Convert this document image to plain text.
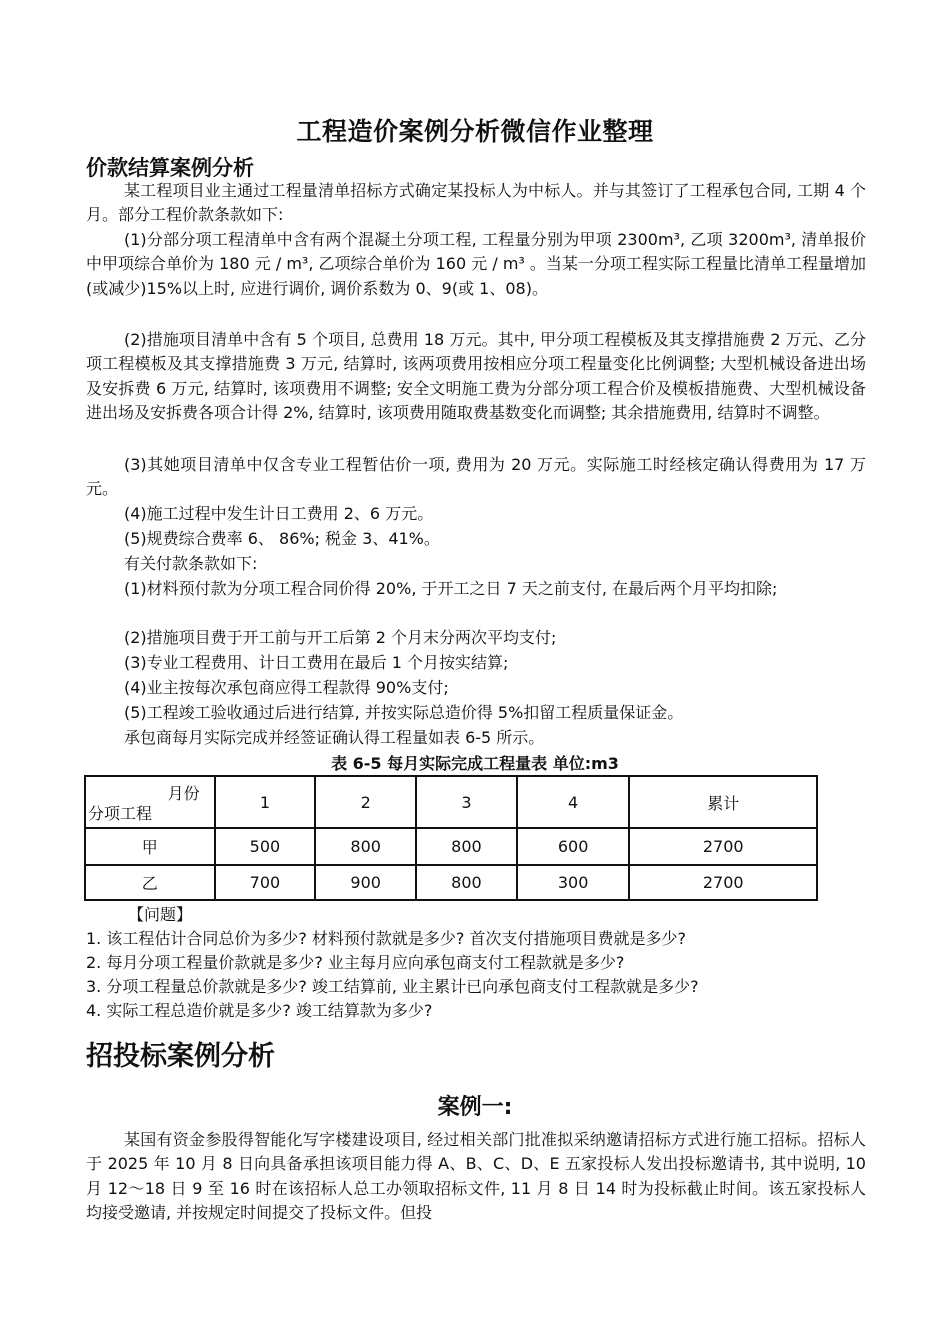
工程造价案例分析微信作业整理
价款结算案例分析

某工程项目业主通过工程量清单招标方式确定某投标人为中标人。并与其签订了工程承包合同, 工期 4 个月。部分工程价款条款如下:

(1)分部分项工程清单中含有两个混凝土分项工程, 工程量分别为甲项 2300m³, 乙项 3200m³, 清单报价中甲项综合单价为 180 元 / m³, 乙项综合单价为 160 元 / m³ 。当某一分项工程实际工程量比清单工程量增加(或减少)15%以上时, 应进行调价, 调价系数为 0、9(或 1、08)。

(2)措施项目清单中含有 5 个项目, 总费用 18 万元。其中, 甲分项工程模板及其支撑措施费 2 万元、乙分项工程模板及其支撑措施费 3 万元, 结算时, 该两项费用按相应分项工程量变化比例调整; 大型机械设备进出场及安拆费 6 万元, 结算时, 该项费用不调整; 安全文明施工费为分部分项工程合价及模板措施费、大型机械设备进出场及安拆费各项合计得 2%, 结算时, 该项费用随取费基数变化而调整; 其余措施费用, 结算时不调整。

(3)其她项目清单中仅含专业工程暂估价一项, 费用为 20 万元。实际施工时经核定确认得费用为 17 万元。

(4)施工过程中发生计日工费用 2、6 万元。

(5)规费综合费率 6、 86%; 税金 3、41%。

有关付款条款如下:

(1)材料预付款为分项工程合同价得 20%, 于开工之日 7 天之前支付, 在最后两个月平均扣除;

(2)措施项目费于开工前与开工后第 2 个月末分两次平均支付;

(3)专业工程费用、计日工费用在最后 1 个月按实结算;

(4)业主按每次承包商应得工程款得 90%支付;

(5)工程竣工验收通过后进行结算, 并按实际总造价得 5%扣留工程质量保证金。

承包商每月实际完成并经签证确认得工程量如表 6-5 所示。

表 6-5 每月实际完成工程量表 单位:m3
月份
分项工程	1	2	3	4	累计
甲	500	800	800	600	2700
乙	700	900	800	300	2700
【问题】
1. 该工程估计合同总价为多少? 材料预付款就是多少? 首次支付措施项目费就是多少?
2. 每月分项工程量价款就是多少? 业主每月应向承包商支付工程款就是多少?
3. 分项工程量总价款就是多少? 竣工结算前, 业主累计已向承包商支付工程款就是多少?
4. 实际工程总造价就是多少? 竣工结算款为多少?
招投标案例分析
案例一:

某国有资金参股得智能化写字楼建设项目, 经过相关部门批准拟采纳邀请招标方式进行施工招标。招标人于 2025 年 10 月 8 日向具备承担该项目能力得 A、B、C、D、E 五家投标人发出投标邀请书, 其中说明, 10 月 12～18 日 9 至 16 时在该招标人总工办领取招标文件, 11 月 8 日 14 时为投标截止时间。该五家投标人均接受邀请, 并按规定时间提交了投标文件。但投
